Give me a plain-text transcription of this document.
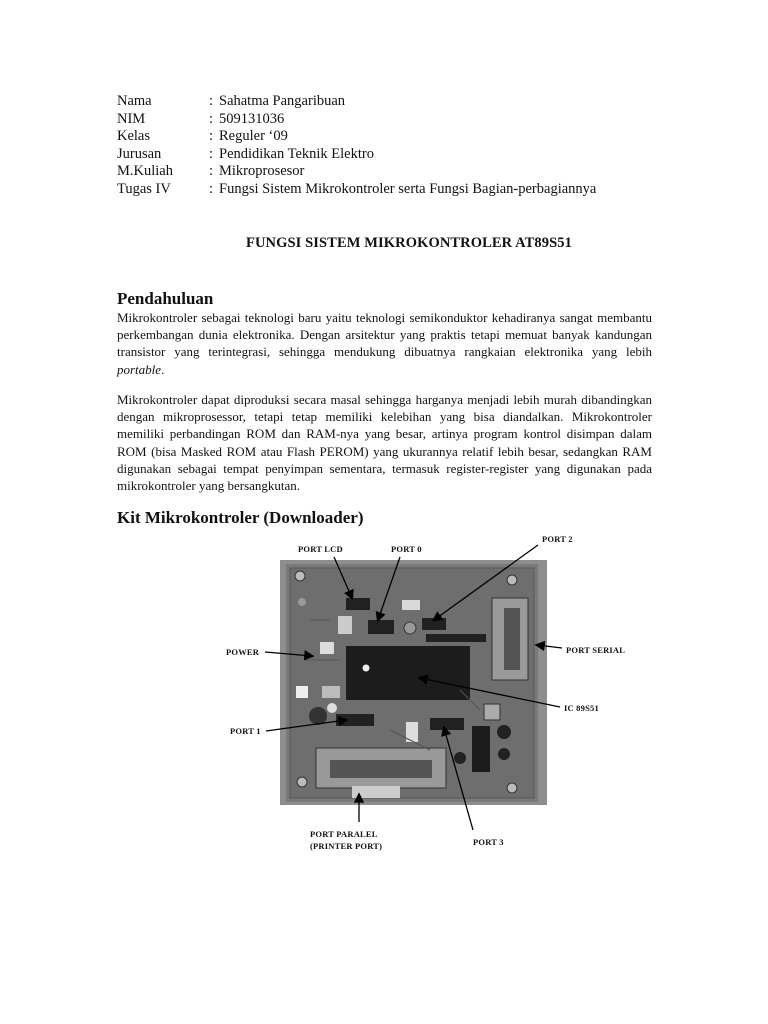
Nama	: Sahatma Pangaribuan
NIM	: 509131036
Kelas	: Reguler ‘09
Jurusan	: Pendidikan Teknik Elektro
M.Kuliah	: Mikroprosesor
Tugas IV	: Fungsi Sistem Mikrokontroler serta Fungsi Bagian-perbagiannya
FUNGSI SISTEM MIKROKONTROLER AT89S51
Pendahuluan

Mikrokontroler sebagai teknologi baru yaitu teknologi semikonduktor kehadiranya sangat membantu perkembangan dunia elektronika. Dengan arsitektur yang praktis tetapi memuat banyak kandungan transistor yang terintegrasi, sehingga mendukung dibuatnya rangkaian elektronika yang lebih portable.

Mikrokontroler dapat diproduksi secara masal sehingga harganya menjadi lebih murah dibandingkan dengan mikroprosessor, tetapi tetap memiliki kelebihan yang bisa diandalkan. Mikrokontroler memiliki perbandingan ROM dan RAM-nya yang besar, artinya program kontrol disimpan dalam ROM (bisa Masked ROM atau Flash PEROM) yang ukurannya relatif lebih besar, sedangkan RAM digunakan sebagai tempat penyimpan sementara, termasuk register-register yang digunakan pada mikrokontroler yang bersangkutan.

Kit Mikrokontroler (Downloader)
PORT LCD	PORT 0
PORT 2
POWER	PORT SERIAL
IC 89S51
PORT 1
PORT PARALEL
(PRINTER PORT)	PORT 3
